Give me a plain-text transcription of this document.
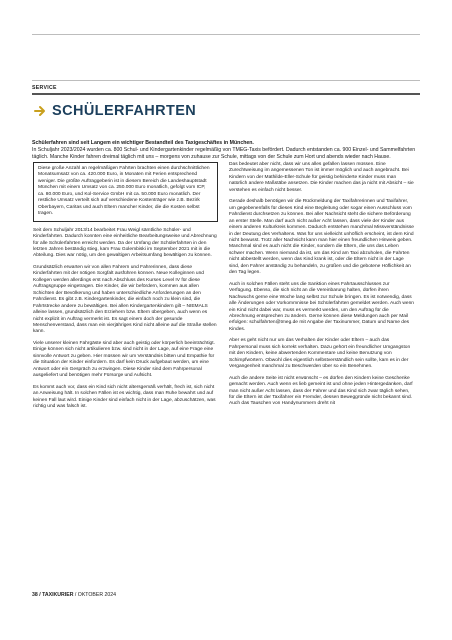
SERVICE
SCHÜLERFAHRTEN

Schülerfahren sind seit Langem ein wichtiger Bestandteil des Taxigeschäftes in München.

In Schuljahr 2023/2024 wurden ca. 800 Schul- und Kindergartenkinder regelmäßig von TMEG-Taxis befördert. Dadurch entstanden ca. 900 Einzel- und Sammelfahrten täglich. Manche Kinder fahren dreimal täglich mit uns – morgens von zuhause zur Schule, mittags von der Schule zum Hort und abends wieder nach Hause.

Diese große Anzahl an regelmäßigen Fahrten brachten einen durchschnittlichen Monatsumsatz von ca. 420.000 Euro, in Monaten mit Ferien entsprechend weniger. Die größte Auftraggeberin ist in diesem Bereich die Landeshauptstadt München mit einem Umsatz von ca. 250.000 Euro monatlich, gefolgt vom ICP, ca. 80.000 Euro, und Kol-Service GmbH mit ca. 50.000 Euro monatlich. Der restliche Umsatz verteilt sich auf verschiedene Kostenträger wie z.B. Bezirk Oberbayern, Caritas und auch Eltern mancher Kinder, die die Kosten selbst tragen.

Seit dem Schuljahr 2013/14 bearbeitet Frau Weigl sämtliche Schüler- und Kinderfahrten. Dadurch konnten eine einheitliche Bearbeitungsweise und Abrechnung für alle Schülerfahrten erreicht werden. Da der Umfang der Schülerfahrten in den letzten Jahren beständig stieg, kam Frau Golembiski im September 2021 mit in die Abteilung. Dies war nötig, um den gewaltigen Arbeitsumfang bewältigen zu können.

Grundsätzlich erwarten wir von allen Fahrern und Fahrerinnen, dass diese Kinderfahrten mit der nötigen Sorgfalt ausführen können. Neue Kolleginnen und Kollegen werden allerdings erst nach Abschluss des Kurses Level IV für diese Auftragsgruppe eingetragen. Die Kinder, die wir befördern, kommen aus allen Schichten der Bevölkerung und haben unterschiedliche Anforderungen an den Fahrdienst. Es gibt z.B. Kindergartenkinder, die einfach noch zu klein sind, die Fahrtstrecke andere zu bewältigen. Bei allen Kindergartenkindern gilt – NIEMALS alleine lassen, grundsätzlich den Erziehern bzw. Eltern übergeben, auch wenn es nicht explizit im Auftrag vermerkt ist. Es sagt einem doch der gesunde Menschenverstand, dass man ein vierjähriges Kind nicht alleine auf die Straße stellen kann.

Viele unserer kleinen Fahrgäste sind aber auch geistig oder körperlich beeinträchtigt. Einige können sich nicht artikulieren bzw. sind nicht in der Lage, auf eine Frage eine sinnvolle Antwort zu geben. Hier müssen wir um Verständnis bitten und Empathie für die Situation der Kinder einfordern. Es darf kein Druck aufgebaut werden, um eine Antwort oder ein Gespräch zu erzwingen. Diese Kinder sind dem Fahrpersonal ausgeliefert und benötigen mehr Fürsorge und Aufsicht.

Es kommt auch vor, dass ein Kind sich nicht altersgemäß verhält, frech ist, sich nicht an Anweisung hält. In solchen Fällen ist es wichtig, dass man Ruhe bewahrt und auf keinen Fall laut wird. Einige Kinder sind einfach nicht in der Lage, abzuschätzen, was richtig und was falsch ist.

Das bedeutet aber nicht, dass wir uns alles gefallen lassen müssen. Eine Zurechtweisung im angemessenen Ton ist immer möglich und auch angebracht. Bei Kindern von der Mathilde-Eller-Schule für geistig behinderte Kinder muss man natürlich andere Maßstäbe ansetzen. Die Kinder machen das ja nicht mit Absicht – sie verstehen es einfach nicht besser.

Gerade deshalb benötigen wir die Rückmeldung der Taxifahrerinnen und Taxifahrer, um gegebenenfalls für dieses Kind eine Begleitung oder sogar einen Ausschluss vom Fahrdienst durchsetzen zu können. Bei aller Nachsicht steht die sichere Beförderung an erster Stelle. Man darf auch nicht außer Acht lassen, dass viele der Kinder aus einem anderen Kulturkreis kommen. Dadurch entstehen manchmal Missverständnisse in der Deutung des Verhaltens. Was für uns vielleicht unhöflich erscheint, ist dem Kind nicht bewusst. Trotz aller Nachsicht kann man hier einen freundlichen Hinweis geben. Manchmal sind es auch nicht die Kinder, sondern die Eltern, die uns das Leben schwer machen. Wenn niemand da ist, um das Kind am Taxi abzuholen, die Fahrten nicht abbestellt werden, wenn das Kind krank ist, oder die Eltern nicht in der Lage sind, den Fahrer anständig zu behandeln, zu grüßen und die gebotene Höflichkeit an den Tag legen.

Auch in solchen Fällen steht uns die Sanktion eines Fahrtausschlusses zur Verfügung. Ebenso, die sich nicht an die Vereinbarung halten, dürfen ihren Nachwuchs gerne eine Woche lang selbst zur Schule bringen. Es ist notwendig, dass alle Änderungen oder Vorkommnisse bei Schülerfahrten gemeldet werden. Auch wenn ein Kind nicht dabei war, muss es vermerkt werden, um den Auftrag für die Abrechnung entsprechen zu ändern. Gerne können diese Meldungen auch per Mail erfolgen: schulfahrten@tmeg.de mit Angabe der Taxinummer, Datum und Name des Kindes.

Aber es geht nicht nur um das Verhalten der Kinder oder Eltern – auch das Fahrpersonal muss sich korrekt verhalten. Dazu gehört ein freundlicher Umgangston mit den Kindern, keine abwertenden Kommentare und keine Benutzung von Schimpfwörtern. Obwohl dies eigentlich selbstverständlich sein sollte, kam es in der Vergangenheit manchmal zu Beschwerden über so ein Benehmen.

Auch die andere Seite ist nicht erwünscht – es dürfen den Kindern keine Geschenke gemacht werden. Auch wenn es lieb gemeint ist und ohne jeden Hintergedanken, darf man nicht außer Acht lassen, dass der Fahrer und das Kind sich zwar täglich sehen, für die Eltern ist der Taxifahrer ein Fremder, dessen Beweggründe nicht bekannt sind. Auch das Tauschen von Handynummern dreht nit

38 / TAXIKURIER / OKTOBER 2024
